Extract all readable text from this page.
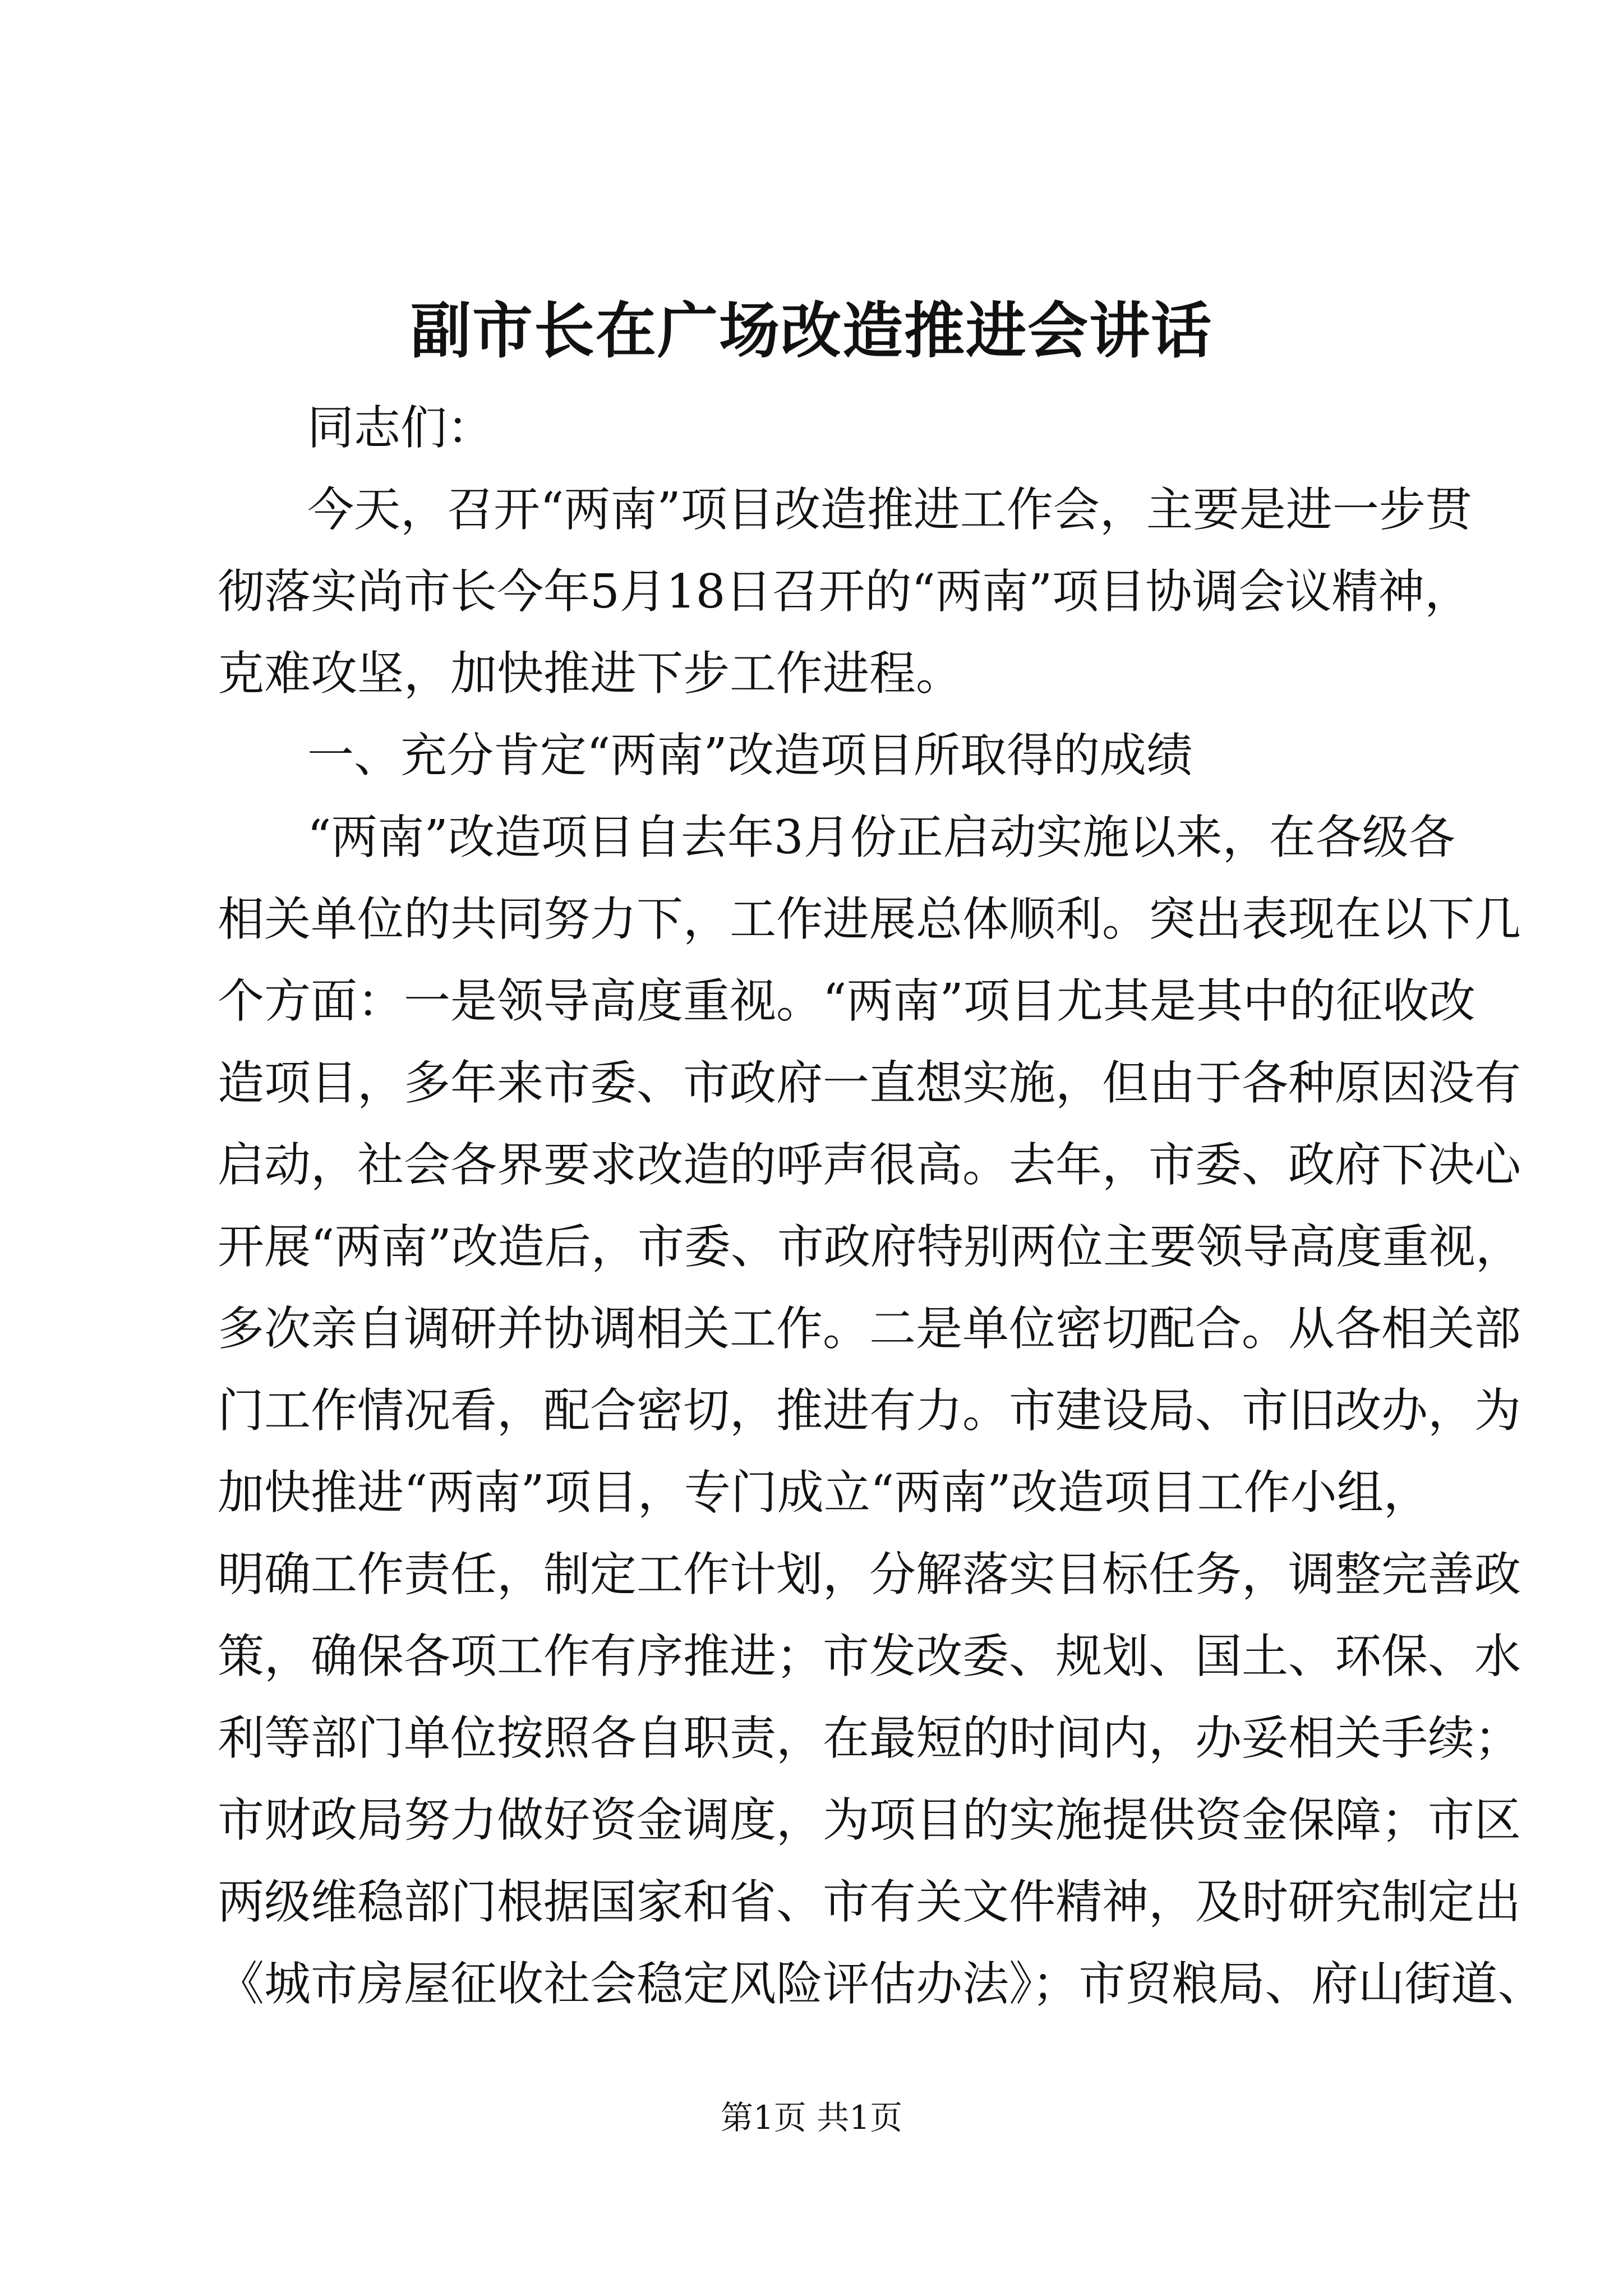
副市长在广场改造推进会讲话
同志们：
今天，召开“两南”项目改造推进工作会，主要是进一步贯
彻落实尚市长今年5月18日召开的“两南”项目协调会议精神，
克难攻坚，加快推进下步工作进程。
一、充分肯定“两南”改造项目所取得的成绩
“两南”改造项目自去年3月份正启动实施以来，在各级各
相关单位的共同努力下，工作进展总体顺利。突出表现在以下几
个方面：一是领导高度重视。“两南”项目尤其是其中的征收改
造项目，多年来市委、市政府一直想实施，但由于各种原因没有
启动，社会各界要求改造的呼声很高。去年，市委、政府下决心
开展“两南”改造后，市委、市政府特别两位主要领导高度重视，
多次亲自调研并协调相关工作。二是单位密切配合。从各相关部
门工作情况看，配合密切，推进有力。市建设局、市旧改办，为
加快推进“两南”项目，专门成立“两南”改造项目工作小组，
明确工作责任，制定工作计划，分解落实目标任务，调整完善政
策，确保各项工作有序推进；市发改委、规划、国土、环保、水
利等部门单位按照各自职责，在最短的时间内，办妥相关手续；
市财政局努力做好资金调度，为项目的实施提供资金保障；市区
两级维稳部门根据国家和省、市有关文件精神，及时研究制定出
《城市房屋征收社会稳定风险评估办法》；市贸粮局、府山街道、
第1页 共1页
